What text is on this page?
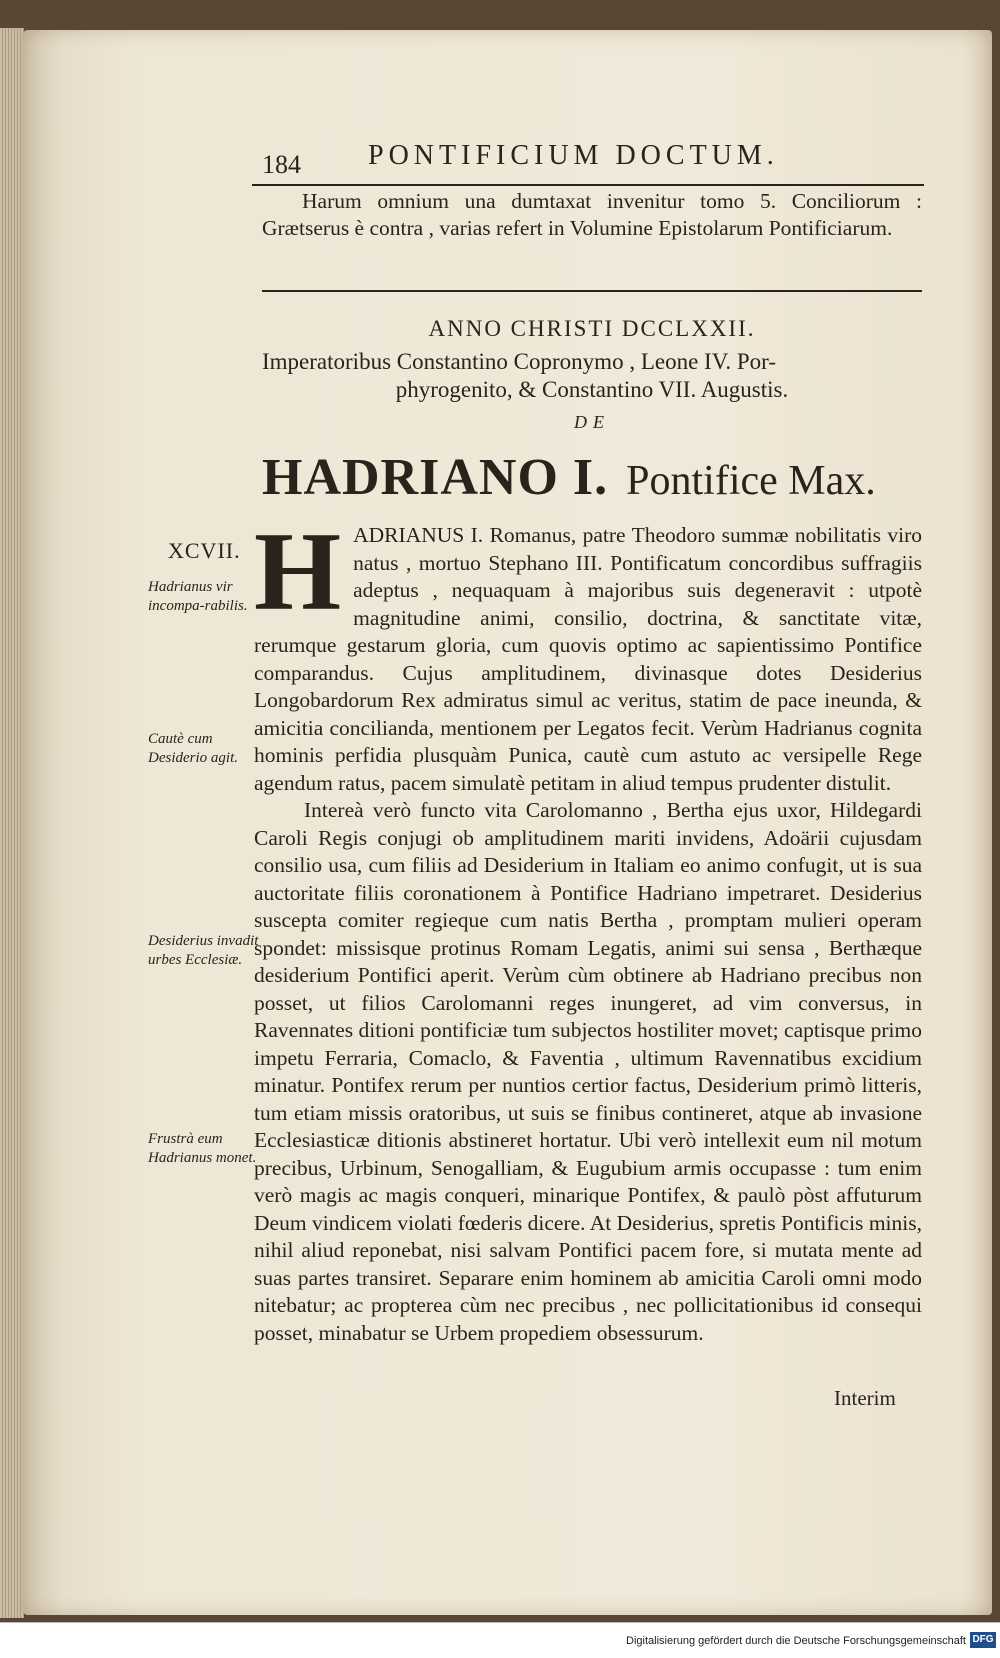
184 PONTIFICIUM DOCTUM.

Harum omnium una dumtaxat invenitur tomo 5. Conciliorum : Grætserus è contra , varias refert in Volumine Epistolarum Pontificiarum.

ANNO CHRISTI DCCLXXII.
Imperatoribus Constantino Copronymo , Leone IV. Por-
phyrogenito, & Constantino VII. Augustis.
DE
HADRIANO I. Pontifice Max.
XCVII.
Hadrianus vir incompa-rabilis.
Cautè cum Desiderio agit.
Desiderius invadit urbes Ecclesiæ.
Frustrà eum Hadrianus monet.

HADRIANUS I. Romanus, patre Theodoro summæ nobilitatis viro natus , mortuo Stephano III. Pontificatum concordibus suffragiis adeptus , nequaquam à majoribus suis degeneravit : utpotè magnitudine animi, consilio, doctrina, & sanctitate vitæ, rerumque gestarum gloria, cum quovis optimo ac sapientissimo Pontifice comparandus. Cujus amplitudinem, divinasque dotes Desiderius Longobardorum Rex admiratus simul ac veritus, statim de pace ineunda, & amicitia conciliandа, mentionem per Legatos fecit. Verùm Hadrianus cognita hominis perfidia plusquàm Punica, cautè cum astuto ac versipelle Rege agendum ratus, pacem simulatè petitam in aliud tempus prudenter distulit.

Intereà verò functo vita Carolomanno , Bertha ejus uxor, Hildegardi Caroli Regis conjugi ob amplitudinem mariti invidens, Adoärii cujusdam consilio usa, cum filiis ad Desiderium in Italiam eo animo confugit, ut is sua auctoritate filiis coronationem à Pontifice Hadriano impetraret. Desiderius suscepta comiter regieque cum natis Bertha , promptam mulieri operam spondet: missisque protinus Romam Legatis, animi sui sensa , Berthæque desiderium Pontifici aperit. Verùm cùm obtinere ab Hadriano precibus non posset, ut filios Carolomanni reges inungeret, ad vim conversus, in Ravennates ditioni pontificiæ tum subjectos hostiliter movet; captisque primo impetu Ferraria, Comaclo, & Faventia , ultimum Ravennatibus excidium minatur. Pontifex rerum per nuntios certior factus, Desiderium primò litteris, tum etiam missis oratoribus, ut suis se finibus contineret, atque ab invasione Ecclesiasticæ ditionis abstineret hortatur. Ubi verò intellexit eum nil motum precibus, Urbinum, Senogalliam, & Eugubium armis occupasse : tum enim verò magis ac magis conqueri, minarique Pontifex, & paulò pòst affuturum Deum vindicem violati fœderis dicere. At Desiderius, spretis Pontificis minis, nihil aliud reponebat, nisi salvam Pontifici pacem fore, si mutata mente ad suas partes transiret. Separare enim hominem ab amicitia Caroli omni modo nitebatur; ac propterea cùm nec precibus , nec pollicitationibus id consequi posset, minabatur se Urbem propediem obsessurum.

Interim
Digitalisierung gefördert durch die Deutsche Forschungsgemeinschaft DFG
